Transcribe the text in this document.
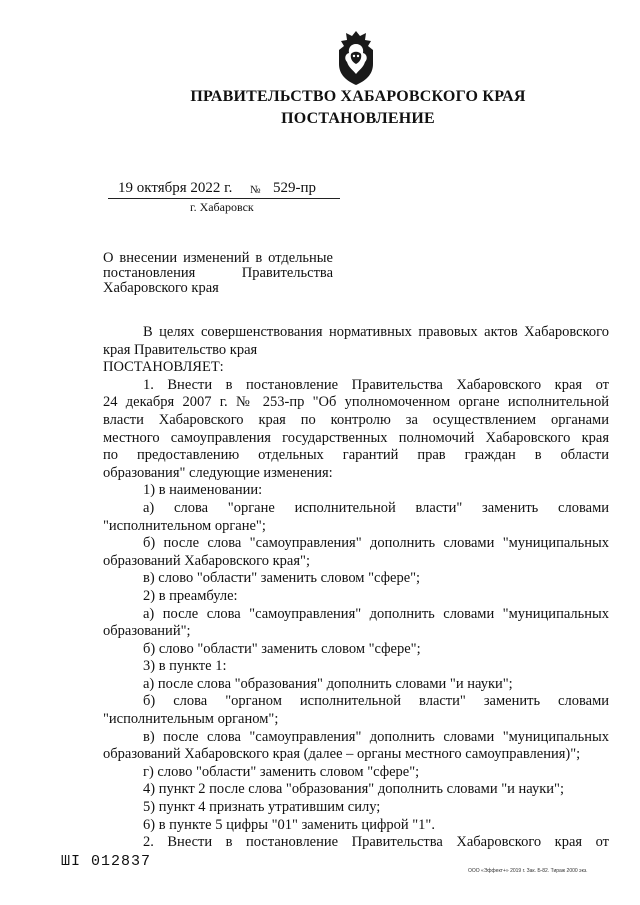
ПРАВИТЕЛЬСТВО ХАБАРОВСКОГО КРАЯ
ПОСТАНОВЛЕНИЕ
19 октября 2022 г. № 529-пр
г. Хабаровск
О внесении изменений в отдельные
постановления Правительства
Хабаровского края
В целях совершенствования нормативных правовых актов Хабаровского
края Правительство края
ПОСТАНОВЛЯЕТ:
1. Внести в постановление Правительства Хабаровского края от
24 декабря 2007 г. № 253-пр "Об уполномоченном органе исполнительной
власти Хабаровского края по контролю за осуществлением органами
местного самоуправления государственных полномочий Хабаровского края
по предоставлению отдельных гарантий прав граждан в области
образования" следующие изменения:
1) в наименовании:
а) слова "органе исполнительной власти" заменить словами
"исполнительном органе";
б) после слова "самоуправления" дополнить словами "муниципальных
образований Хабаровского края";
в) слово "области" заменить словом "сфере";
2) в преамбуле:
а) после слова "самоуправления" дополнить словами "муниципальных
образований";
б) слово "области" заменить словом "сфере";
3) в пункте 1:
а) после слова "образования" дополнить словами "и науки";
б) слова "органом исполнительной власти" заменить словами
"исполнительным органом";
в) после слова "самоуправления" дополнить словами "муниципальных
образований Хабаровского края (далее – органы местного самоуправления)";
г) слово "области" заменить словом "сфере";
4) пункт 2 после слова "образования" дополнить словами "и науки";
5) пункт 4 признать утратившим силу;
6) в пункте 5 цифры "01" заменить цифрой "1".
2. Внести в постановление Правительства Хабаровского края от
ШI 012837
ООО «Эффект+» 2019 г. Зак. Б-82. Тираж 2000 экз.
